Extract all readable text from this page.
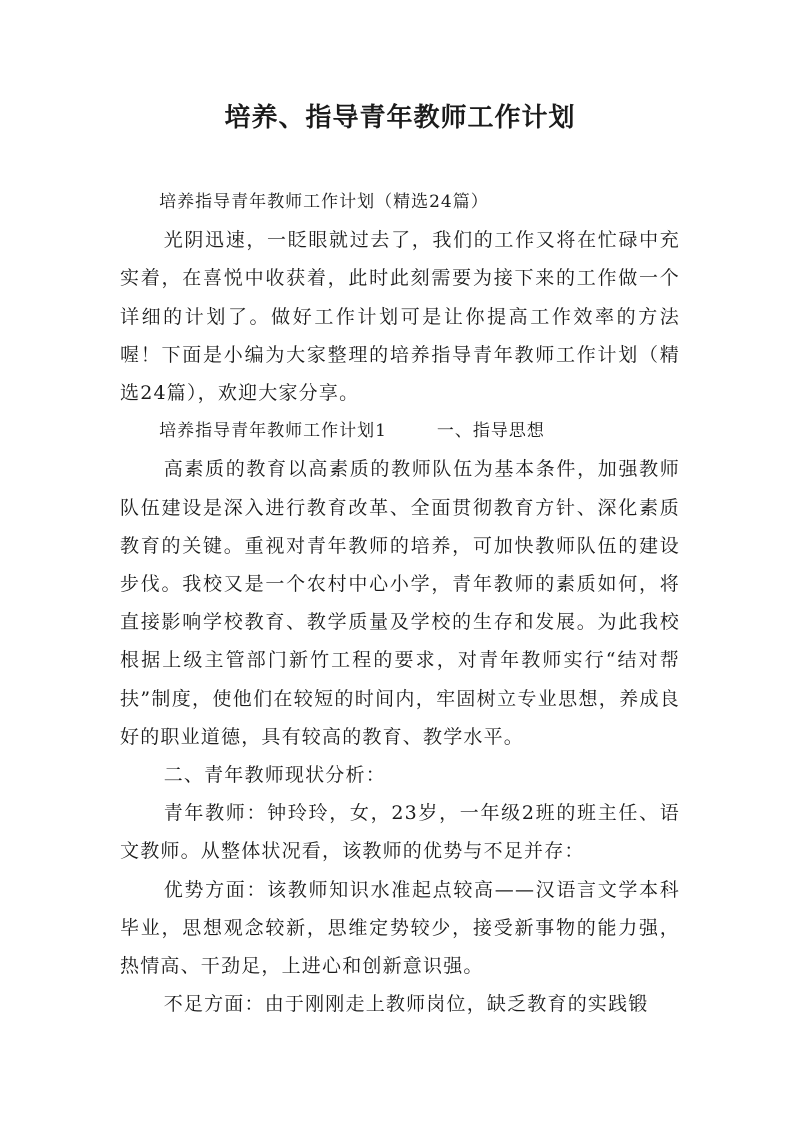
培养、指导青年教师工作计划

培养指导青年教师工作计划（精选24篇）

光阴迅速，一眨眼就过去了，我们的工作又将在忙碌中充实着，在喜悦中收获着，此时此刻需要为接下来的工作做一个详细的计划了。做好工作计划可是让你提高工作效率的方法喔！下面是小编为大家整理的培养指导青年教师工作计划（精选24篇），欢迎大家分享。

培养指导青年教师工作计划1	一、指导思想

高素质的教育以高素质的教师队伍为基本条件，加强教师队伍建设是深入进行教育改革、全面贯彻教育方针、深化素质教育的关键。重视对青年教师的培养，可加快教师队伍的建设步伐。我校又是一个农村中心小学，青年教师的素质如何，将直接影响学校教育、教学质量及学校的生存和发展。为此我校根据上级主管部门新竹工程的要求，对青年教师实行“结对帮扶”制度，使他们在较短的时间内，牢固树立专业思想，养成良好的职业道德，具有较高的教育、教学水平。

二、青年教师现状分析：

青年教师：钟玲玲，女，23岁，一年级2班的班主任、语文教师。从整体状况看，该教师的优势与不足并存：

优势方面：该教师知识水准起点较高——汉语言文学本科毕业，思想观念较新，思维定势较少，接受新事物的能力强，热情高、干劲足，上进心和创新意识强。

不足方面：由于刚刚走上教师岗位，缺乏教育的实践锻
